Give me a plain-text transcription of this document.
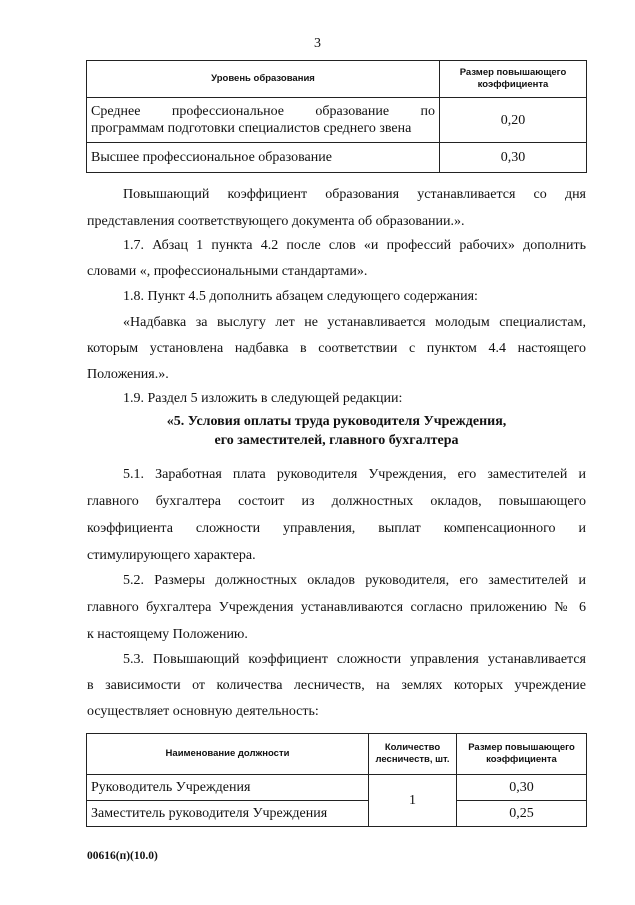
3
Уровень образования	Размер повышающего коэффициента

Среднее профессиональное образование по
программам подготовки специалистов среднего звена	0,20
Высшее профессиональное образование	0,30

Повышающий коэффициент образования устанавливается со дня
представления соответствующего документа об образовании.».

1.7. Абзац 1 пункта 4.2 после слов «и профессий рабочих» дополнить
словами «, профессиональными стандартами».

1.8. Пункт 4.5 дополнить абзацем следующего содержания:

«Надбавка за выслугу лет не устанавливается молодым специалистам,
которым установлена надбавка в соответствии с пунктом 4.4 настоящего
Положения.».

1.9. Раздел 5 изложить в следующей редакции:

«5. Условия оплаты труда руководителя Учреждения,
его заместителей, главного бухгалтера

5.1. Заработная плата руководителя Учреждения, его заместителей и
главного бухгалтера состоит из должностных окладов, повышающего
коэффициента сложности управления, выплат компенсационного и
стимулирующего характера.

5.2. Размеры должностных окладов руководителя, его заместителей и
главного бухгалтера Учреждения устанавливаются согласно приложению № 6
к настоящему Положению.

5.3. Повышающий коэффициент сложности управления устанавливается
в зависимости от количества лесничеств, на землях которых учреждение
осуществляет основную деятельность:

Наименование должности	Количество лесничеств, шт.	Размер повышающего коэффициента
Руководитель Учреждения	1	0,30
Заместитель руководителя Учреждения		0,25
00616(п)(10.0)
